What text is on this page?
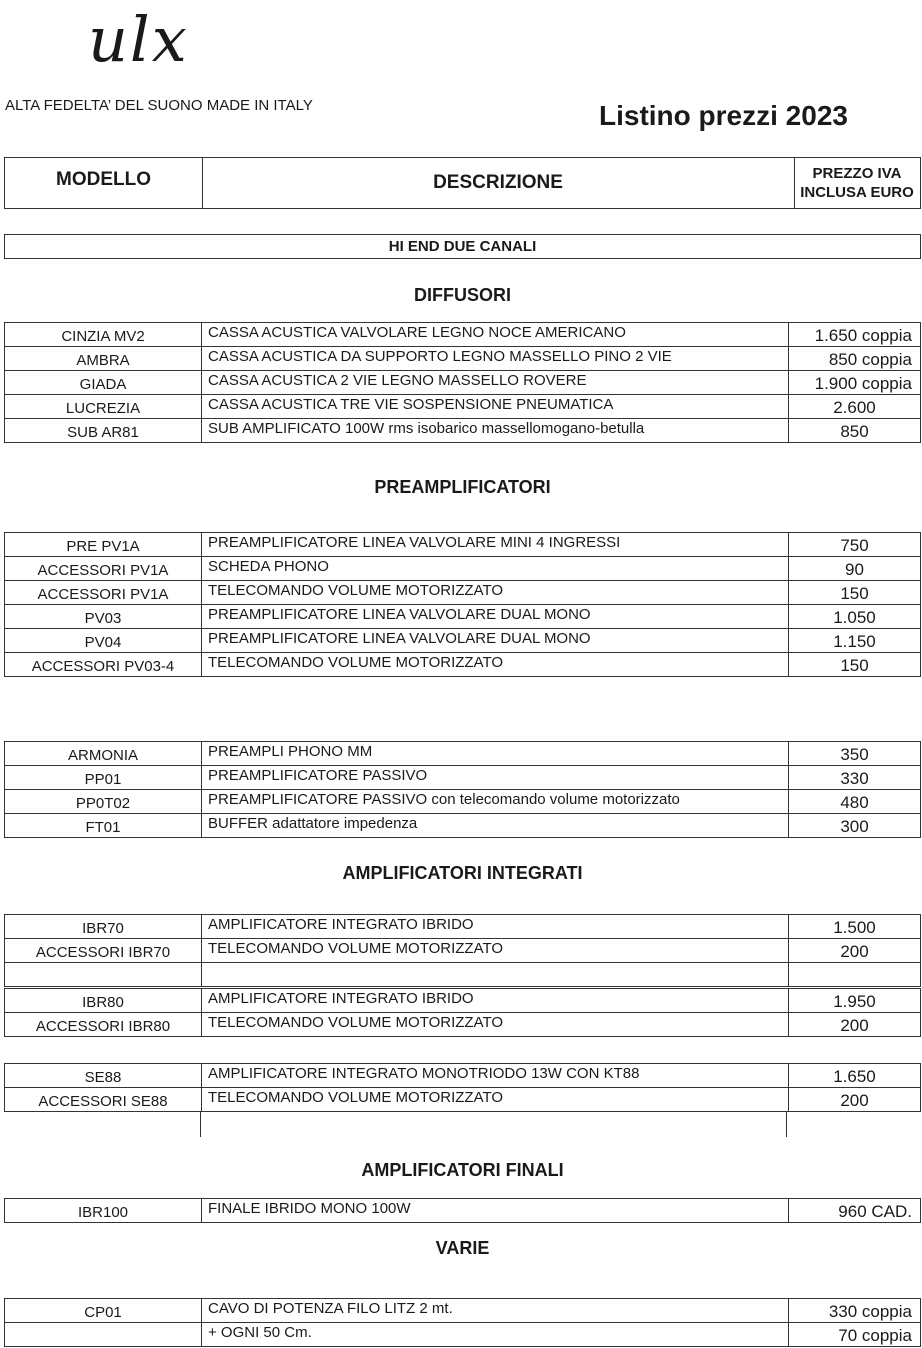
ulx
ALTA FEDELTA’ DEL SUONO MADE IN ITALY	Listino prezzi 2023
MODELLO	DESCRIZIONE	PREZZO IVA INCLUSA EURO
HI END DUE CANALI
DIFFUSORI
CINZIA MV2	CASSA ACUSTICA VALVOLARE LEGNO NOCE AMERICANO	1.650 coppia
AMBRA	CASSA ACUSTICA DA SUPPORTO LEGNO MASSELLO PINO 2 VIE	850 coppia
GIADA	CASSA ACUSTICA 2 VIE LEGNO MASSELLO ROVERE	1.900 coppia
LUCREZIA	CASSA ACUSTICA TRE VIE SOSPENSIONE PNEUMATICA	2.600
SUB AR81	SUB AMPLIFICATO 100W rms isobarico massellomogano-betulla	850
PREAMPLIFICATORI
PRE PV1A	PREAMPLIFICATORE LINEA VALVOLARE MINI 4 INGRESSI	750
ACCESSORI PV1A	SCHEDA PHONO	90
ACCESSORI PV1A	TELECOMANDO VOLUME MOTORIZZATO	150
PV03	PREAMPLIFICATORE LINEA VALVOLARE DUAL MONO	1.050
PV04	PREAMPLIFICATORE LINEA VALVOLARE DUAL MONO	1.150
ACCESSORI PV03-4	TELECOMANDO VOLUME MOTORIZZATO	150
ARMONIA	PREAMPLI PHONO MM	350
PP01	PREAMPLIFICATORE PASSIVO	330
PP0T02	PREAMPLIFICATORE PASSIVO con telecomando volume motorizzato	480
FT01	BUFFER adattatore impedenza	300
AMPLIFICATORI INTEGRATI
IBR70	AMPLIFICATORE INTEGRATO IBRIDO	1.500
ACCESSORI IBR70	TELECOMANDO VOLUME MOTORIZZATO	200

IBR80	AMPLIFICATORE INTEGRATO IBRIDO	1.950
ACCESSORI IBR80	TELECOMANDO VOLUME MOTORIZZATO	200
SE88	AMPLIFICATORE INTEGRATO MONOTRIODO 13W CON KT88	1.650
ACCESSORI SE88	TELECOMANDO VOLUME MOTORIZZATO	200
AMPLIFICATORI FINALI
IBR100	FINALE IBRIDO MONO 100W	960 CAD.
VARIE
CP01	CAVO DI POTENZA FILO LITZ 2 mt.	330 coppia
	+ OGNI 50 Cm.	70 coppia
